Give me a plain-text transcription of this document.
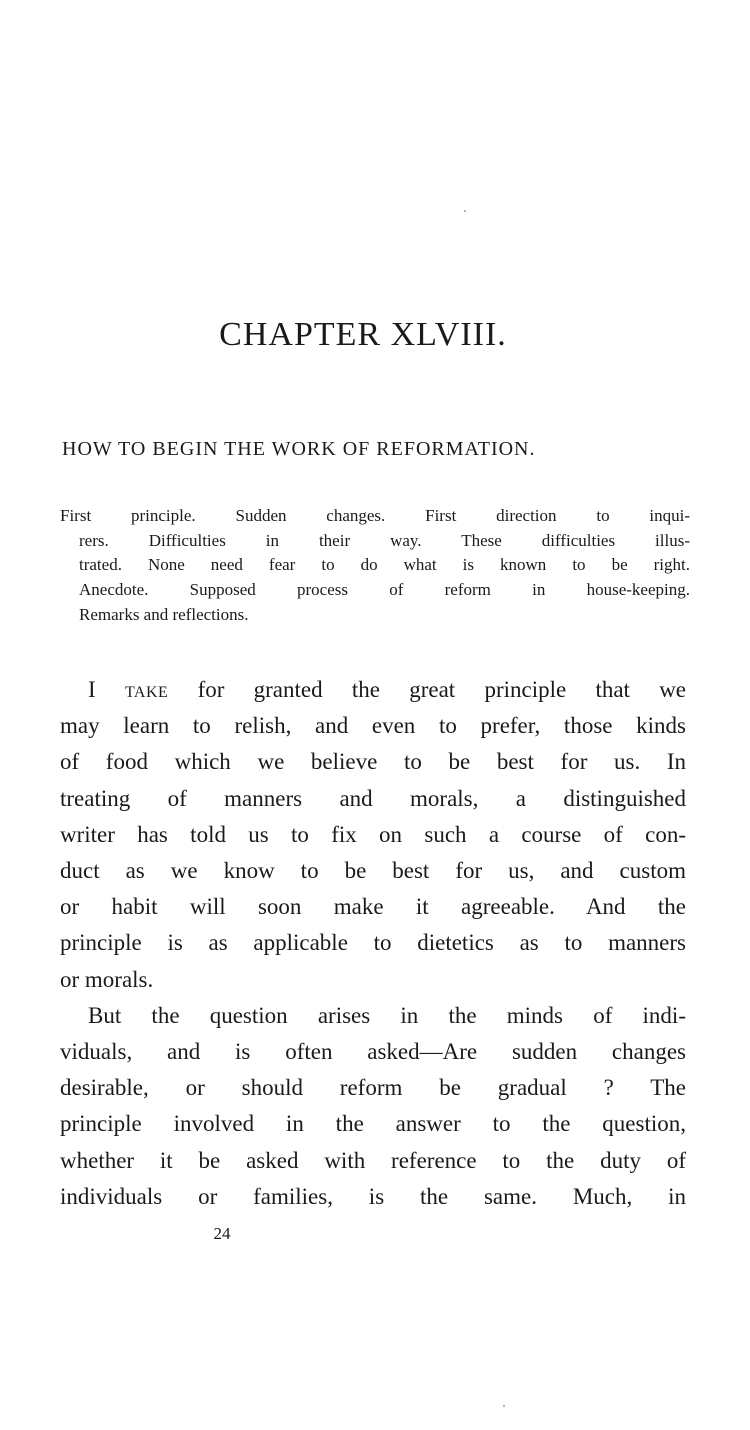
CHAPTER XLVIII.
HOW TO BEGIN THE WORK OF REFORMATION.
First principle. Sudden changes. First direction to inqui-
rers. Difficulties in their way. These difficulties illus-
trated. None need fear to do what is known to be right.
Anecdote. Supposed process of reform in house-keeping.
Remarks and reflections.
I take for granted the great principle that we
may learn to relish, and even to prefer, those kinds
of food which we believe to be best for us. In
treating of manners and morals, a distinguished
writer has told us to fix on such a course of con-
duct as we know to be best for us, and custom
or habit will soon make it agreeable. And the
principle is as applicable to dietetics as to manners
or morals.
But the question arises in the minds of indi-
viduals, and is often asked—Are sudden changes
desirable, or should reform be gradual ? The
principle involved in the answer to the question,
whether it be asked with reference to the duty of
individuals or families, is the same. Much, in

24
